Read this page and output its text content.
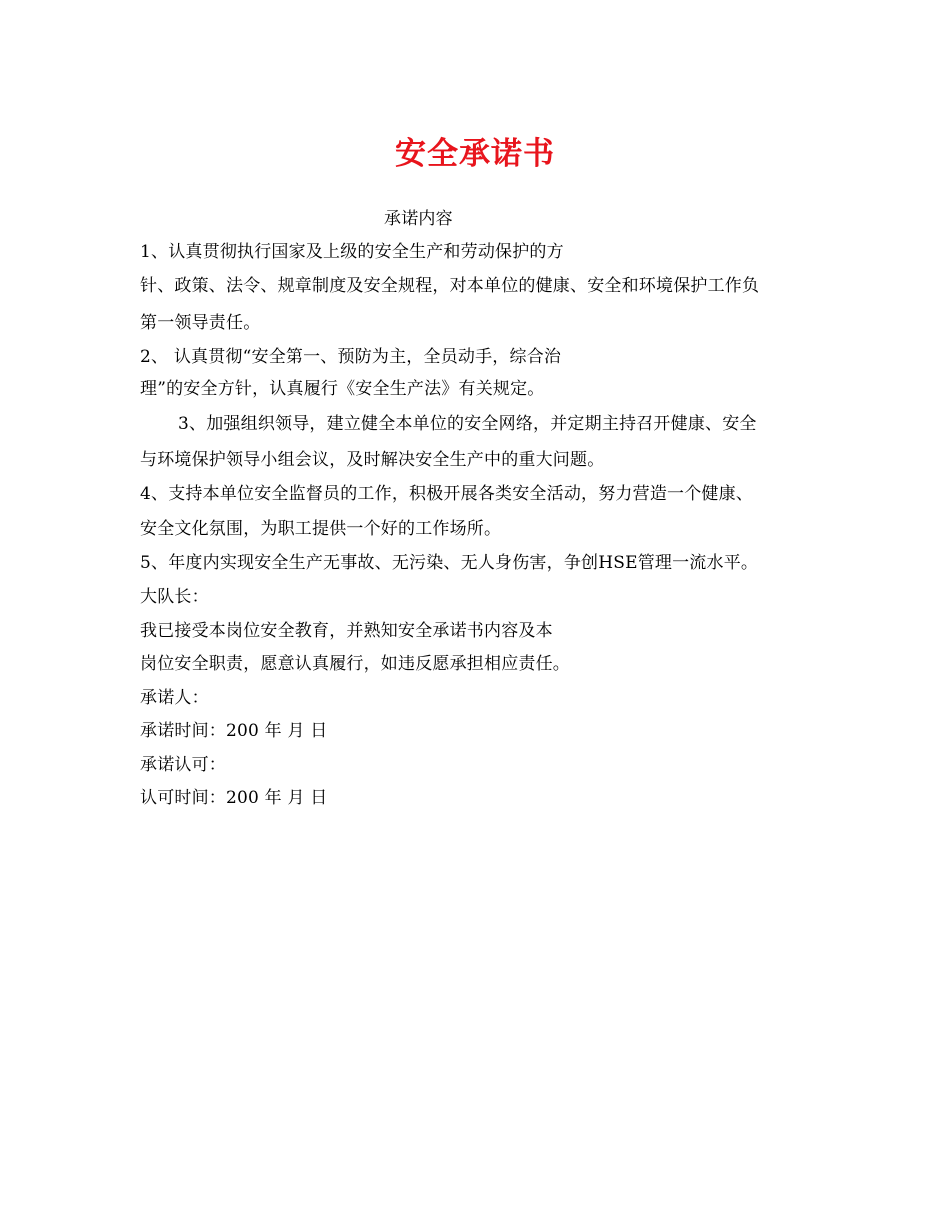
安全承诺书
承诺内容
1、认真贯彻执行国家及上级的安全生产和劳动保护的方
针、政策、法令、规章制度及安全规程，对本单位的健康、安全和环境保护工作负
第一领导责任。
2、 认真贯彻“安全第一、预防为主，全员动手，综合治
理”的安全方针，认真履行《安全生产法》有关规定。
3、加强组织领导，建立健全本单位的安全网络，并定期主持召开健康、安全
与环境保护领导小组会议，及时解决安全生产中的重大问题。
4、支持本单位安全监督员的工作，积极开展各类安全活动，努力营造一个健康、
安全文化氛围，为职工提供一个好的工作场所。
5、年度内实现安全生产无事故、无污染、无人身伤害，争创HSE管理一流水平。
大队长：
我已接受本岗位安全教育，并熟知安全承诺书内容及本
岗位安全职责，愿意认真履行，如违反愿承担相应责任。
承诺人：
承诺时间：200 年 月 日
承诺认可：
认可时间：200 年 月 日
